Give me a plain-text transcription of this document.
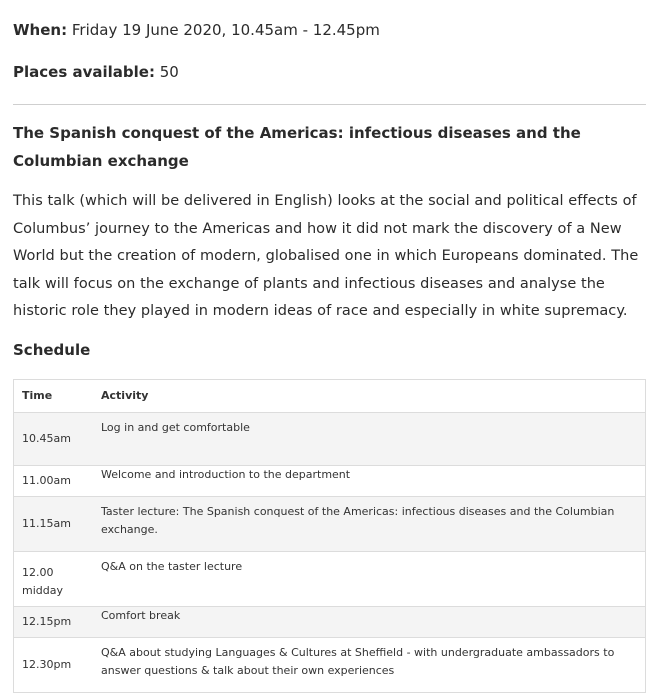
When: Friday 19 June 2020, 10.45am - 12.45pm

Places available: 50

The Spanish conquest of the Americas: infectious diseases and the Columbian exchange

This talk (which will be delivered in English) looks at the social and political effects of Columbus’ journey to the Americas and how it did not mark the discovery of a New World but the creation of modern, globalised one in which Europeans dominated. The talk will focus on the exchange of plants and infectious diseases and analyse the historic role they played in modern ideas of race and especially in white supremacy.

Schedule
Time	Activity
10.45am	Log in and get comfortable
11.00am	Welcome and introduction to the department
11.15am	Taster lecture: The Spanish conquest of the Americas: infectious diseases and the Columbian exchange.
12.00 midday	Q&A on the taster lecture
12.15pm	Comfort break
12.30pm	Q&A about studying Languages & Cultures at Sheffield - with undergraduate ambassadors to answer questions & talk about their own experiences
